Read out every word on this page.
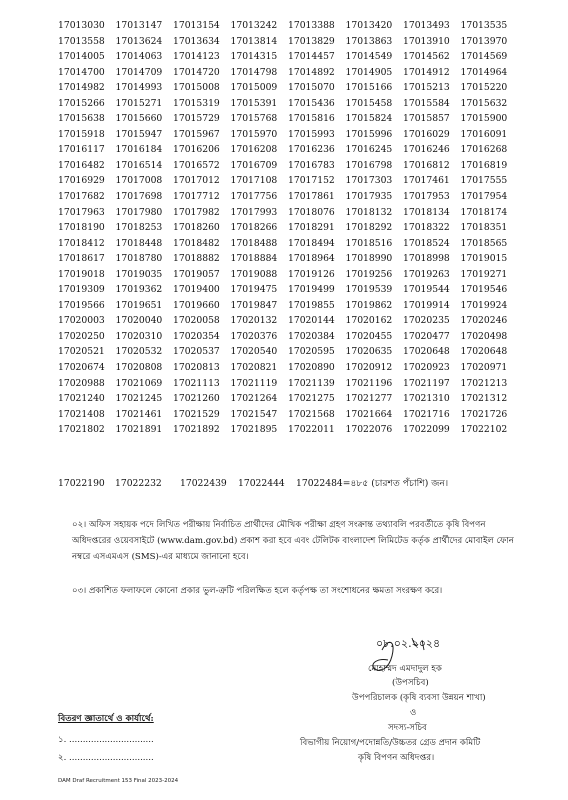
17013030	17013147	17013154	17013242	17013388	17013420	17013493	17013535
17013558	17013624	17013634	17013814	17013829	17013863	17013910	17013970
17014005	17014063	17014123	17014315	17014457	17014549	17014562	17014569
17014700	17014709	17014720	17014798	17014892	17014905	17014912	17014964
17014982	17014993	17015008	17015009	17015070	17015166	17015213	17015220
17015266	17015271	17015319	17015391	17015436	17015458	17015584	17015632
17015638	17015660	17015729	17015768	17015816	17015824	17015857	17015900
17015918	17015947	17015967	17015970	17015993	17015996	17016029	17016091
17016117	17016184	17016206	17016208	17016236	17016245	17016246	17016268
17016482	17016514	17016572	17016709	17016783	17016798	17016812	17016819
17016929	17017008	17017012	17017108	17017152	17017303	17017461	17017555
17017682	17017698	17017712	17017756	17017861	17017935	17017953	17017954
17017963	17017980	17017982	17017993	17018076	17018132	17018134	17018174
17018190	17018253	17018260	17018266	17018291	17018292	17018322	17018351
17018412	17018448	17018482	17018488	17018494	17018516	17018524	17018565
17018617	17018780	17018882	17018884	17018964	17018990	17018998	17019015
17019018	17019035	17019057	17019088	17019126	17019256	17019263	17019271
17019309	17019362	17019400	17019475	17019499	17019539	17019544	17019546
17019566	17019651	17019660	17019847	17019855	17019862	17019914	17019924
17020003	17020040	17020058	17020132	17020144	17020162	17020235	17020246
17020250	17020310	17020354	17020376	17020384	17020455	17020477	17020498
17020521	17020532	17020537	17020540	17020595	17020635	17020648	17020648
17020674	17020808	17020813	17020821	17020890	17020912	17020923	17020971
17020988	17021069	17021113	17021119	17021139	17021196	17021197	17021213
17021240	17021245	17021260	17021264	17021275	17021277	17021310	17021312
17021408	17021461	17021529	17021547	17021568	17021664	17021716	17021726
17021802	17021891	17021892	17021895	17022011	17022076	17022099	17022102
17022190 17022232 17022439 17022444 17022484=৪৮৫ (চারশত পঁচাশি) জন।
০২। অফিস সহায়ক পদে লিখিত পরীক্ষায় নির্বাচিত প্রার্থীদের মৌখিক পরীক্ষা গ্রহণ সংক্রান্ত তথ্যাবলি পরবর্তীতে কৃষি বিপণন অধিদপ্তরের ওয়েবসাইটে (www.dam.gov.bd) প্রকাশ করা হবে এবং টেলিটক বাংলাদেশ লিমিটেড কর্তৃক প্রার্থীদের মোবাইল ফোন নম্বরে এসএমএস (SMS)-এর মাধ্যমে জানানো হবে।
০৩। প্রকাশিত ফলাফলে কোনো প্রকার ভুল-ত্রুটি পরিলক্ষিত হলে কর্তৃপক্ষ তা সংশোধনের ক্ষমতা সংরক্ষণ করে।
০৮.০২.২০২৪
মোহাম্মদ এমদাদুল হক
(উপসচিব)
উপপরিচালক (কৃষি ব্যবসা উন্নয়ন শাখা)
ও
সদস্য-সচিব
বিভাগীয় নিয়োগ/পদোন্নতি/উচ্চতর গ্রেড প্রদান কমিটি
কৃষি বিপণন অধিদপ্তর।
বিতরণ জ্ঞাতার্থে ও কার্যার্থে:
১. ...............................
২. ...............................
DAM Draf Recruitment 153 Final 2023-2024
